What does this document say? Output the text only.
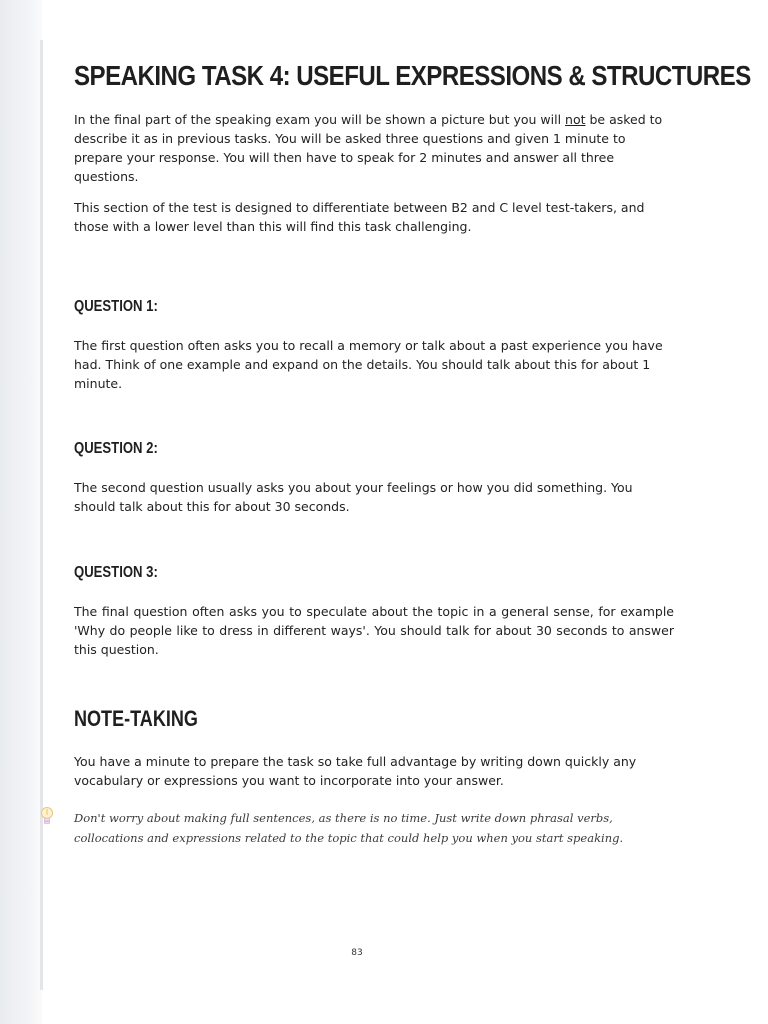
SPEAKING TASK 4: USEFUL EXPRESSIONS & STRUCTURES

In the final part of the speaking exam you will be shown a picture but you will not be asked to describe it as in previous tasks. You will be asked three questions and given 1 minute to prepare your response. You will then have to speak for 2 minutes and answer all three questions.

This section of the test is designed to differentiate between B2 and C level test-takers, and those with a lower level than this will find this task challenging.

QUESTION 1:

The first question often asks you to recall a memory or talk about a past experience you have had. Think of one example and expand on the details. You should talk about this for about 1 minute.

QUESTION 2:

The second question usually asks you about your feelings or how you did something. You should talk about this for about 30 seconds.

QUESTION 3:

The final question often asks you to speculate about the topic in a general sense, for example 'Why do people like to dress in different ways'. You should talk for about 30 seconds to answer this question.

NOTE-TAKING

You have a minute to prepare the task so take full advantage by writing down quickly any vocabulary or expressions you want to incorporate into your answer.

Don't worry about making full sentences, as there is no time. Just write down phrasal verbs, collocations and expressions related to the topic that could help you when you start speaking.

83
